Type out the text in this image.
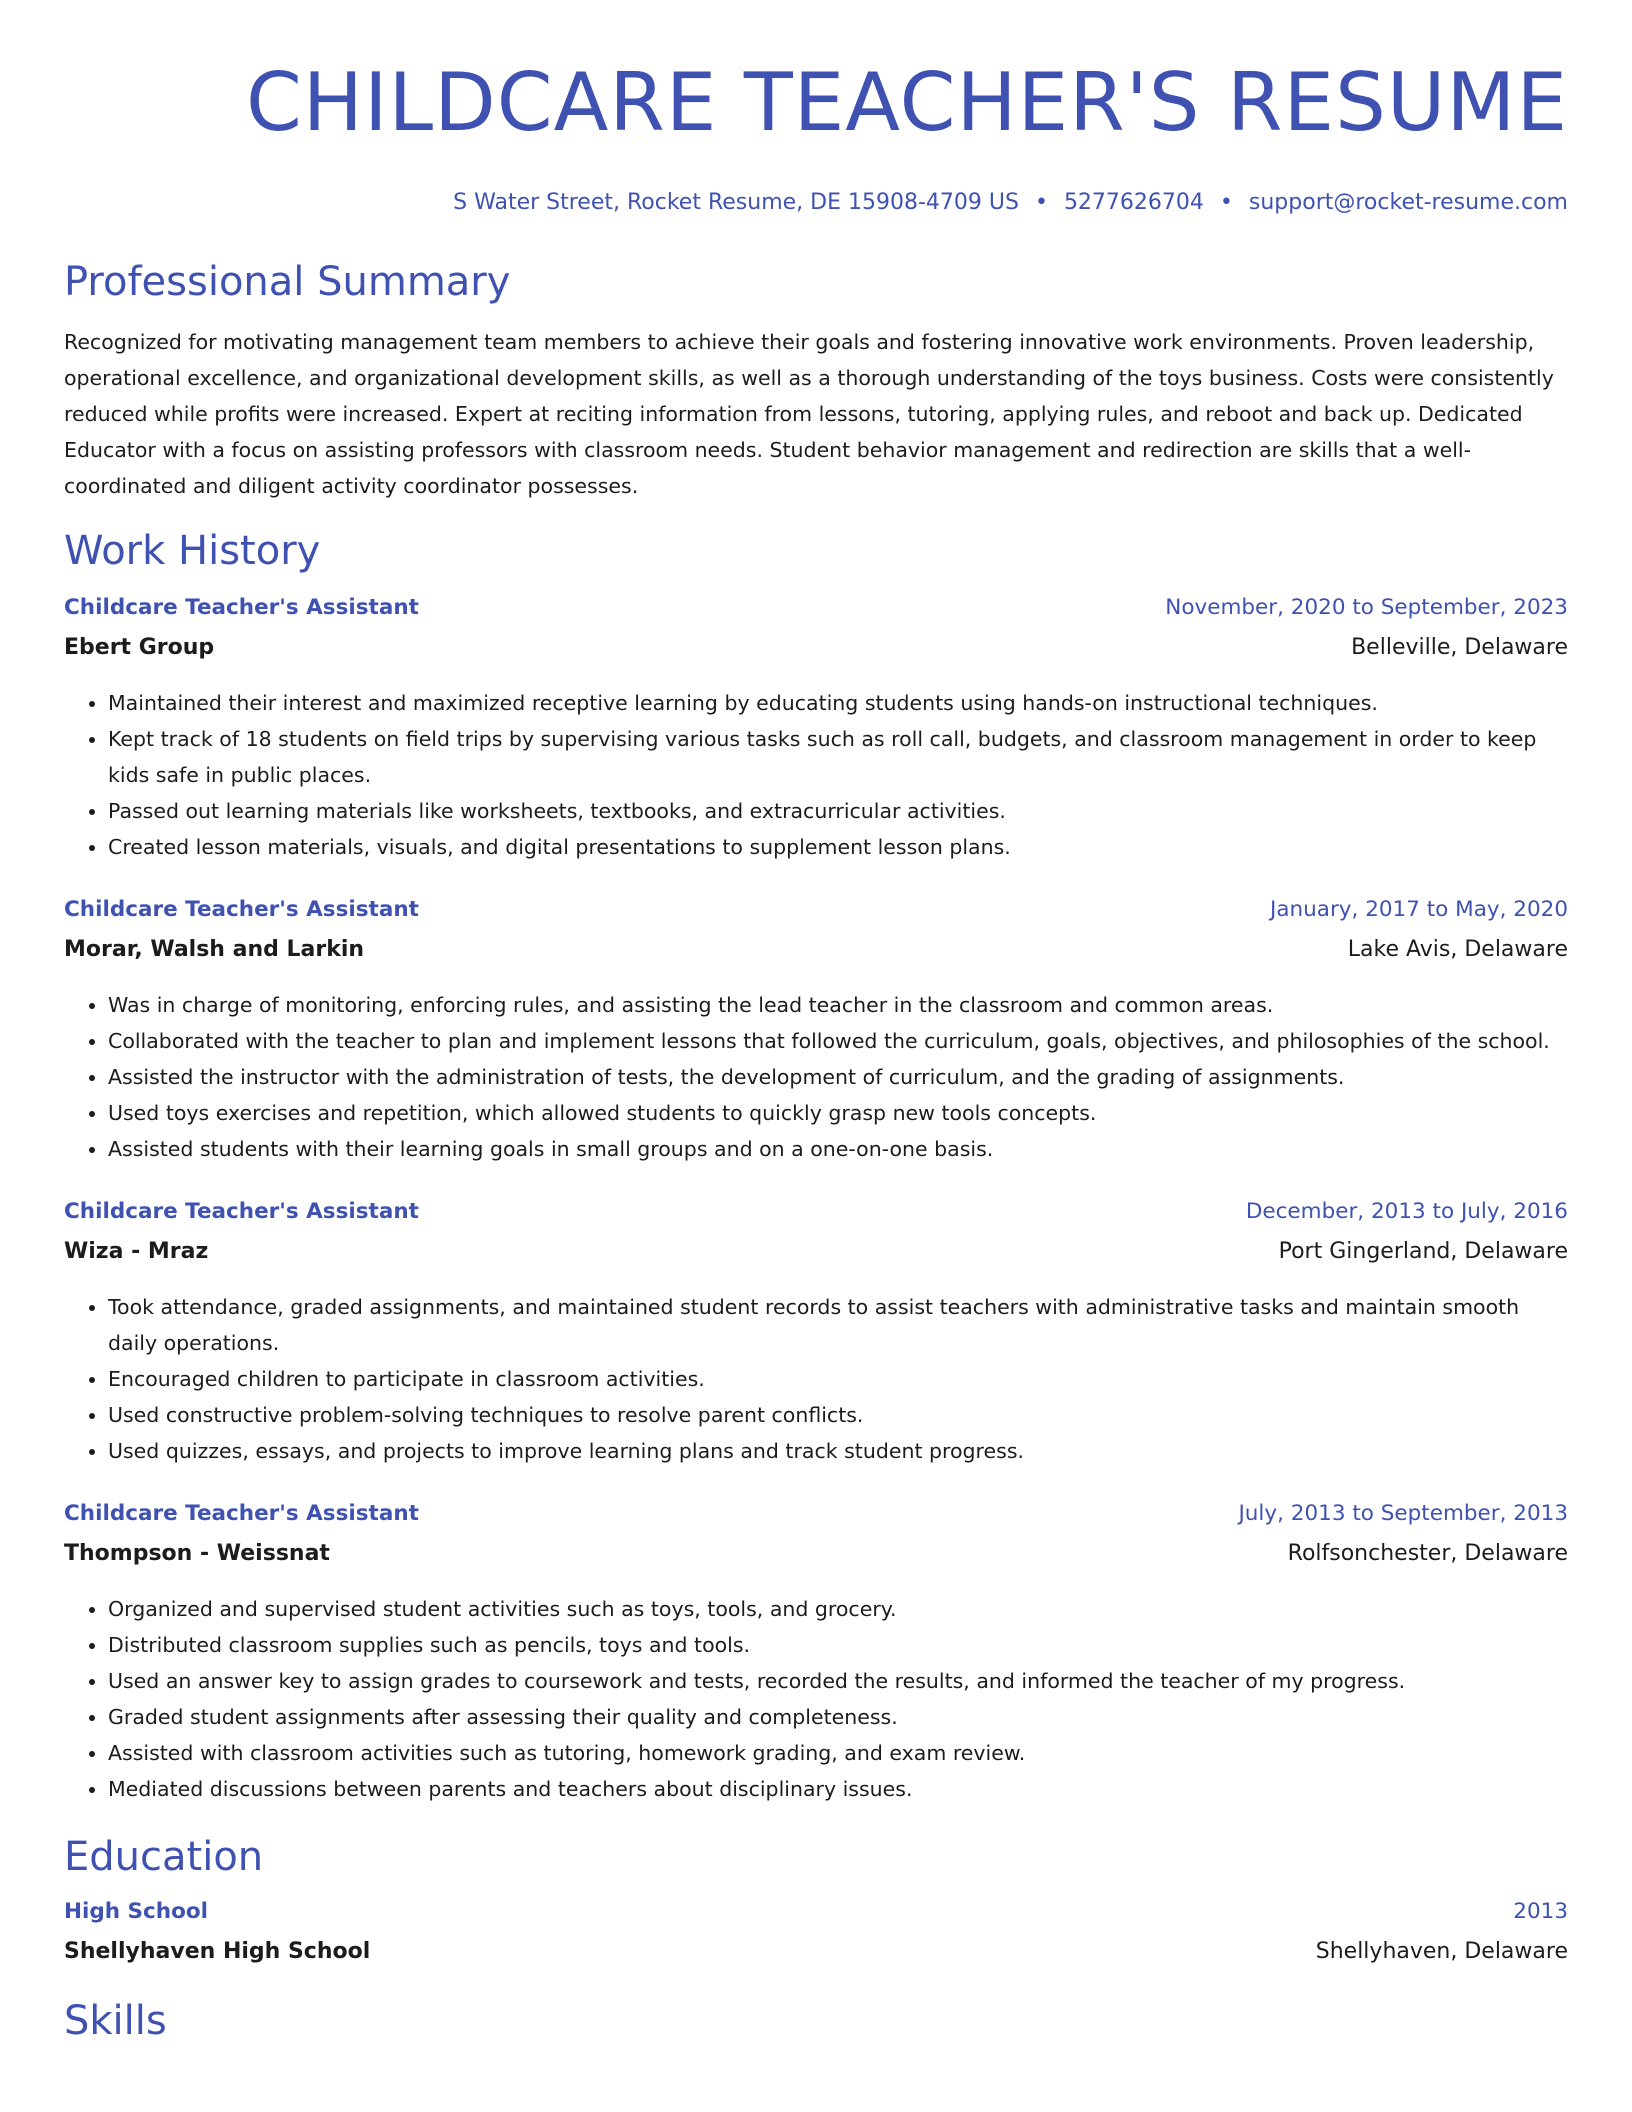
CHILDCARE TEACHER'S RESUME
S Water Street, Rocket Resume, DE 15908-4709 US • 5277626704 • support@rocket-resume.com
Professional Summary
Recognized for motivating management team members to achieve their goals and fostering innovative work environments. Proven leadership, operational excellence, and organizational development skills, as well as a thorough understanding of the toys business. Costs were consistently reduced while profits were increased. Expert at reciting information from lessons, tutoring, applying rules, and reboot and back up. Dedicated Educator with a focus on assisting professors with classroom needs. Student behavior management and redirection are skills that a well-coordinated and diligent activity coordinator possesses.
Work History
Childcare Teacher's Assistant	November, 2020 to September, 2023
Ebert Group	Belleville, Delaware
• Maintained their interest and maximized receptive learning by educating students using hands-on instructional techniques.
• Kept track of 18 students on field trips by supervising various tasks such as roll call, budgets, and classroom management in order to keep kids safe in public places.
• Passed out learning materials like worksheets, textbooks, and extracurricular activities.
• Created lesson materials, visuals, and digital presentations to supplement lesson plans.
Childcare Teacher's Assistant	January, 2017 to May, 2020
Morar, Walsh and Larkin	Lake Avis, Delaware
• Was in charge of monitoring, enforcing rules, and assisting the lead teacher in the classroom and common areas.
• Collaborated with the teacher to plan and implement lessons that followed the curriculum, goals, objectives, and philosophies of the school.
• Assisted the instructor with the administration of tests, the development of curriculum, and the grading of assignments.
• Used toys exercises and repetition, which allowed students to quickly grasp new tools concepts.
• Assisted students with their learning goals in small groups and on a one-on-one basis.
Childcare Teacher's Assistant	December, 2013 to July, 2016
Wiza - Mraz	Port Gingerland, Delaware
• Took attendance, graded assignments, and maintained student records to assist teachers with administrative tasks and maintain smooth daily operations.
• Encouraged children to participate in classroom activities.
• Used constructive problem-solving techniques to resolve parent conflicts.
• Used quizzes, essays, and projects to improve learning plans and track student progress.
Childcare Teacher's Assistant	July, 2013 to September, 2013
Thompson - Weissnat	Rolfsonchester, Delaware
• Organized and supervised student activities such as toys, tools, and grocery.
• Distributed classroom supplies such as pencils, toys and tools.
• Used an answer key to assign grades to coursework and tests, recorded the results, and informed the teacher of my progress.
• Graded student assignments after assessing their quality and completeness.
• Assisted with classroom activities such as tutoring, homework grading, and exam review.
• Mediated discussions between parents and teachers about disciplinary issues.
Education
High School	2013
Shellyhaven High School	Shellyhaven, Delaware
Skills
